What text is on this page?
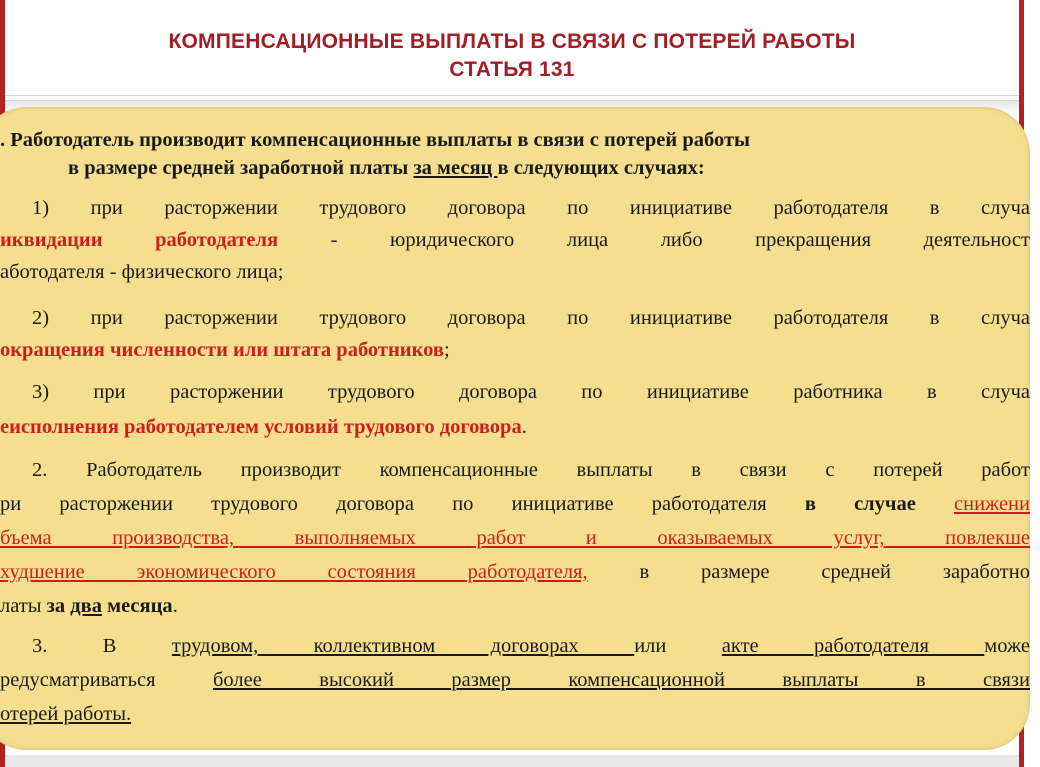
КОМПЕНСАЦИОННЫЕ ВЫПЛАТЫ В СВЯЗИ С ПОТЕРЕЙ РАБОТЫ
СТАТЬЯ 131
. Работодатель производит компенсационные выплаты в связи с потерей работы
в размере средней заработной платы за месяц в следующих случаях:
1) при расторжении трудового договора по инициативе работодателя в случа
иквидации работодателя - юридического лица либо прекращения деятельност
аботодателя - физического лица;
2) при расторжении трудового договора по инициативе работодателя в случа
окращения численности или штата работников;
3) при расторжении трудового договора по инициативе работника в случа
еисполнения работодателем условий трудового договора.
2. Работодатель производит компенсационные выплаты в связи с потерей работ
ри расторжении трудового договора по инициативе работодателя в случае снижени
бъема производства, выполняемых работ и оказываемых услуг, повлекше
худшение экономического состояния работодателя, в размере средней заработно
латы за два месяца.
3. В трудовом, коллективном договорах или акте работодателя може
редусматриваться более высокий размер компенсационной выплаты в связи
отерей работы.
